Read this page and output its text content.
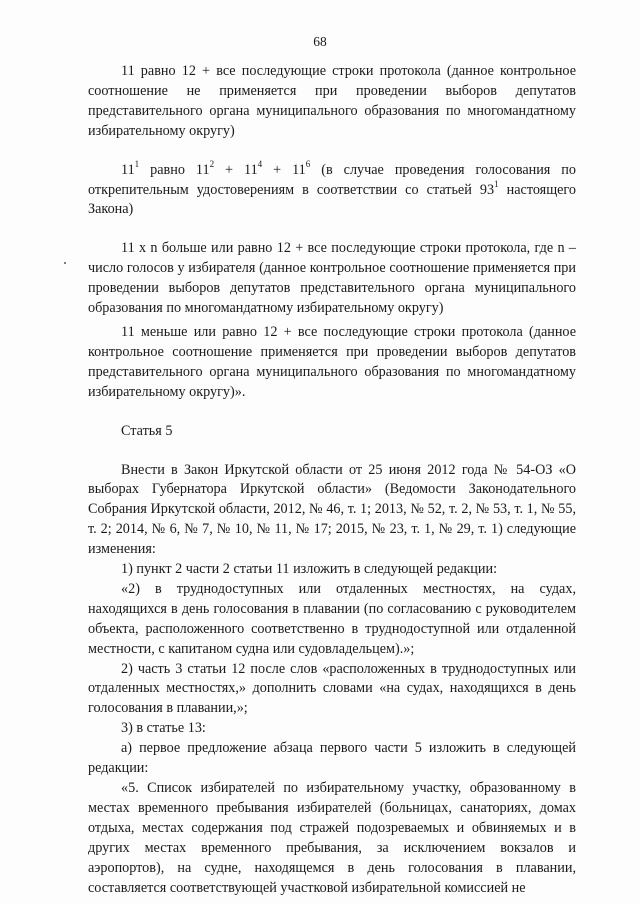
68

11 равно 12 + все последующие строки протокола (данное контрольное соотношение не применяется при проведении выборов депутатов представительного органа муниципального образования по многомандатному избирательному округу)

$11^1$ равно $11^2 + 11^4 + 11^6$ (в случае проведения голосования по открепительным удостоверениям в соответствии со статьей $93^1$ настоящего Закона)

11 x n больше или равно 12 + все последующие строки протокола, где n – число голосов у избирателя (данное контрольное соотношение применяется при проведении выборов депутатов представительного органа муниципального образования по многомандатному избирательному округу)

11 меньше или равно 12 + все последующие строки протокола (данное контрольное соотношение применяется при проведении выборов депутатов представительного органа муниципального образования по многомандатному избирательному округу)».

Статья 5

Внести в Закон Иркутской области от 25 июня 2012 года № 54-ОЗ «О выборах Губернатора Иркутской области» (Ведомости Законодательного Собрания Иркутской области, 2012, № 46, т. 1; 2013, № 52, т. 2, № 53, т. 1, № 55, т. 2; 2014, № 6, № 7, № 10, № 11, № 17; 2015, № 23, т. 1, № 29, т. 1) следующие изменения:

1) пункт 2 части 2 статьи 11 изложить в следующей редакции:

«2) в труднодоступных или отдаленных местностях, на судах, находящихся в день голосования в плавании (по согласованию с руководителем объекта, расположенного соответственно в труднодоступной или отдаленной местности, с капитаном судна или судовладельцем).»;

2) часть 3 статьи 12 после слов «расположенных в труднодоступных или отдаленных местностях,» дополнить словами «на судах, находящихся в день голосования в плавании,»;

3) в статье 13:

а) первое предложение абзаца первого части 5 изложить в следующей редакции:

«5. Список избирателей по избирательному участку, образованному в местах временного пребывания избирателей (больницах, санаториях, домах отдыха, местах содержания под стражей подозреваемых и обвиняемых и в других местах временного пребывания, за исключением вокзалов и аэропортов), на судне, находящемся в день голосования в плавании, составляется соответствующей участковой избирательной комиссией не
